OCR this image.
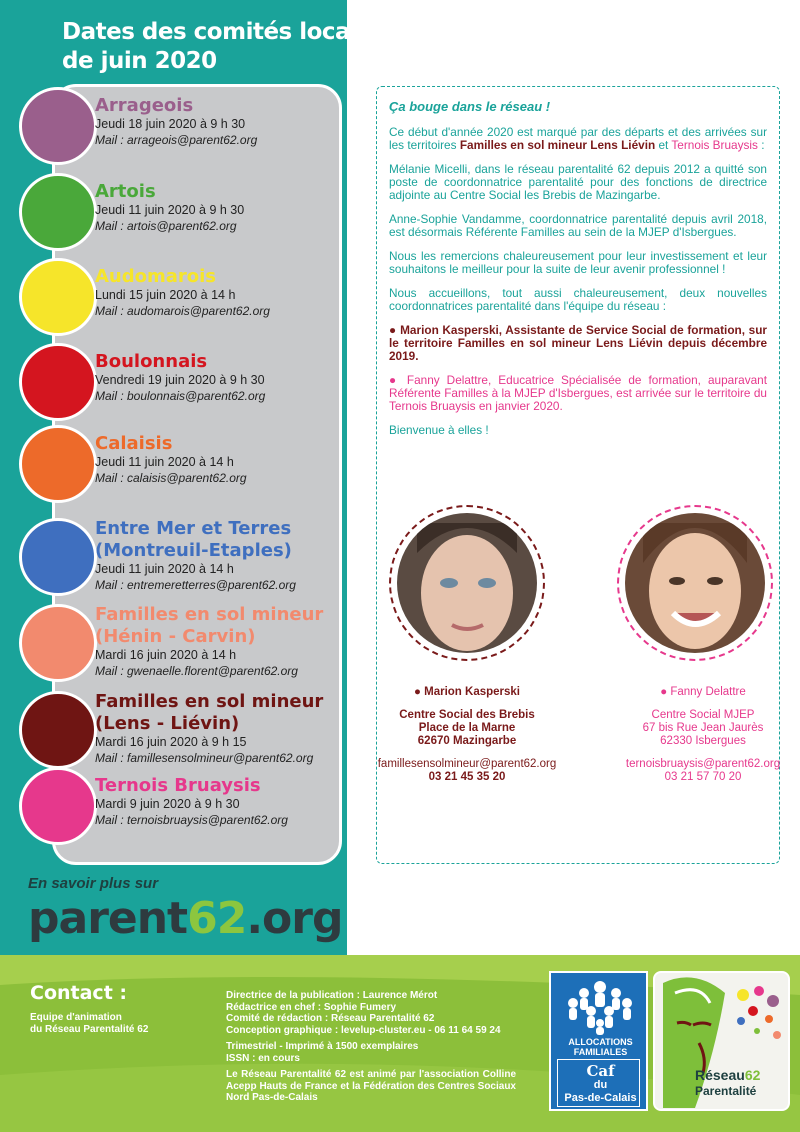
Dates des comités locaux
de juin 2020
Arrageois
Jeudi 18 juin 2020 à 9 h 30
Mail : arrageois@parent62.org
Artois
Jeudi 11 juin 2020 à 9 h 30
Mail : artois@parent62.org
Audomarois
Lundi 15 juin 2020 à 14 h
Mail : audomarois@parent62.org
Boulonnais
Vendredi 19 juin 2020 à 9 h 30
Mail : boulonnais@parent62.org
Calaisis
Jeudi 11 juin 2020 à 14 h
Mail : calaisis@parent62.org
Entre Mer et Terres
(Montreuil-Etaples)
Jeudi 11 juin 2020 à 14 h
Mail : entremeretterres@parent62.org
Familles en sol mineur
(Hénin - Carvin)
Mardi 16 juin 2020 à 14 h
Mail : gwenaelle.florent@parent62.org
Familles en sol mineur
(Lens - Liévin)
Mardi 16 juin 2020 à 9 h 15
Mail : famillesensolmineur@parent62.org
Ternois Bruaysis
Mardi 9 juin 2020 à 9 h 30
Mail : ternoisbruaysis@parent62.org
En savoir plus sur
parent62.org
Ça bouge dans le réseau !

Ce début d'année 2020 est marqué par des départs et des arrivées sur les territoires Familles en sol mineur Lens Liévin et Ternois Bruaysis :

Mélanie Micelli, dans le réseau parentalité 62 depuis 2012 a quitté son poste de coordonnatrice parentalité pour des fonctions de directrice adjointe au Centre Social les Brebis de Mazingarbe.

Anne-Sophie Vandamme, coordonnatrice parentalité depuis avril 2018, est désormais Référente Familles au sein de la MJEP d'Isbergues.

Nous les remercions chaleureusement pour leur investissement et leur souhaitons le meilleur pour la suite de leur avenir professionnel !

Nous accueillons, tout aussi chaleureusement, deux nouvelles coordonnatrices parentalité dans l'équipe du réseau :

● Marion Kasperski, Assistante de Service Social de formation, sur le territoire Familles en sol mineur Lens Liévin depuis décembre 2019.

● Fanny Delattre, Educatrice Spécialisée de formation, auparavant Référente Familles à la MJEP d'Isbergues, est arrivée sur le territoire du Ternois Bruaysis en janvier 2020.

Bienvenue à elles !

● Marion Kasperski
Centre Social des Brebis
Place de la Marne
62670 Mazingarbe
famillesensolmineur@parent62.org
03 21 45 35 20
● Fanny Delattre
Centre Social MJEP
67 bis Rue Jean Jaurès
62330 Isbergues
ternoisbruaysis@parent62.org
03 21 57 70 20
Contact :
Equipe d'animation
du Réseau Parentalité 62
Directrice de la publication : Laurence Mérot
Rédactrice en chef : Sophie Fumery
Comité de rédaction : Réseau Parentalité 62
Conception graphique : levelup-cluster.eu - 06 11 64 59 24
Trimestriel - Imprimé à 1500 exemplaires
ISSN : en cours
Le Réseau Parentalité 62 est animé par l'association Colline Acepp Hauts de France et la Fédération des Centres Sociaux Nord Pas-de-Calais
ALLOCATIONS
FAMILIALES
Caf
du
Pas-de-Calais
Réseau62
Parentalité
